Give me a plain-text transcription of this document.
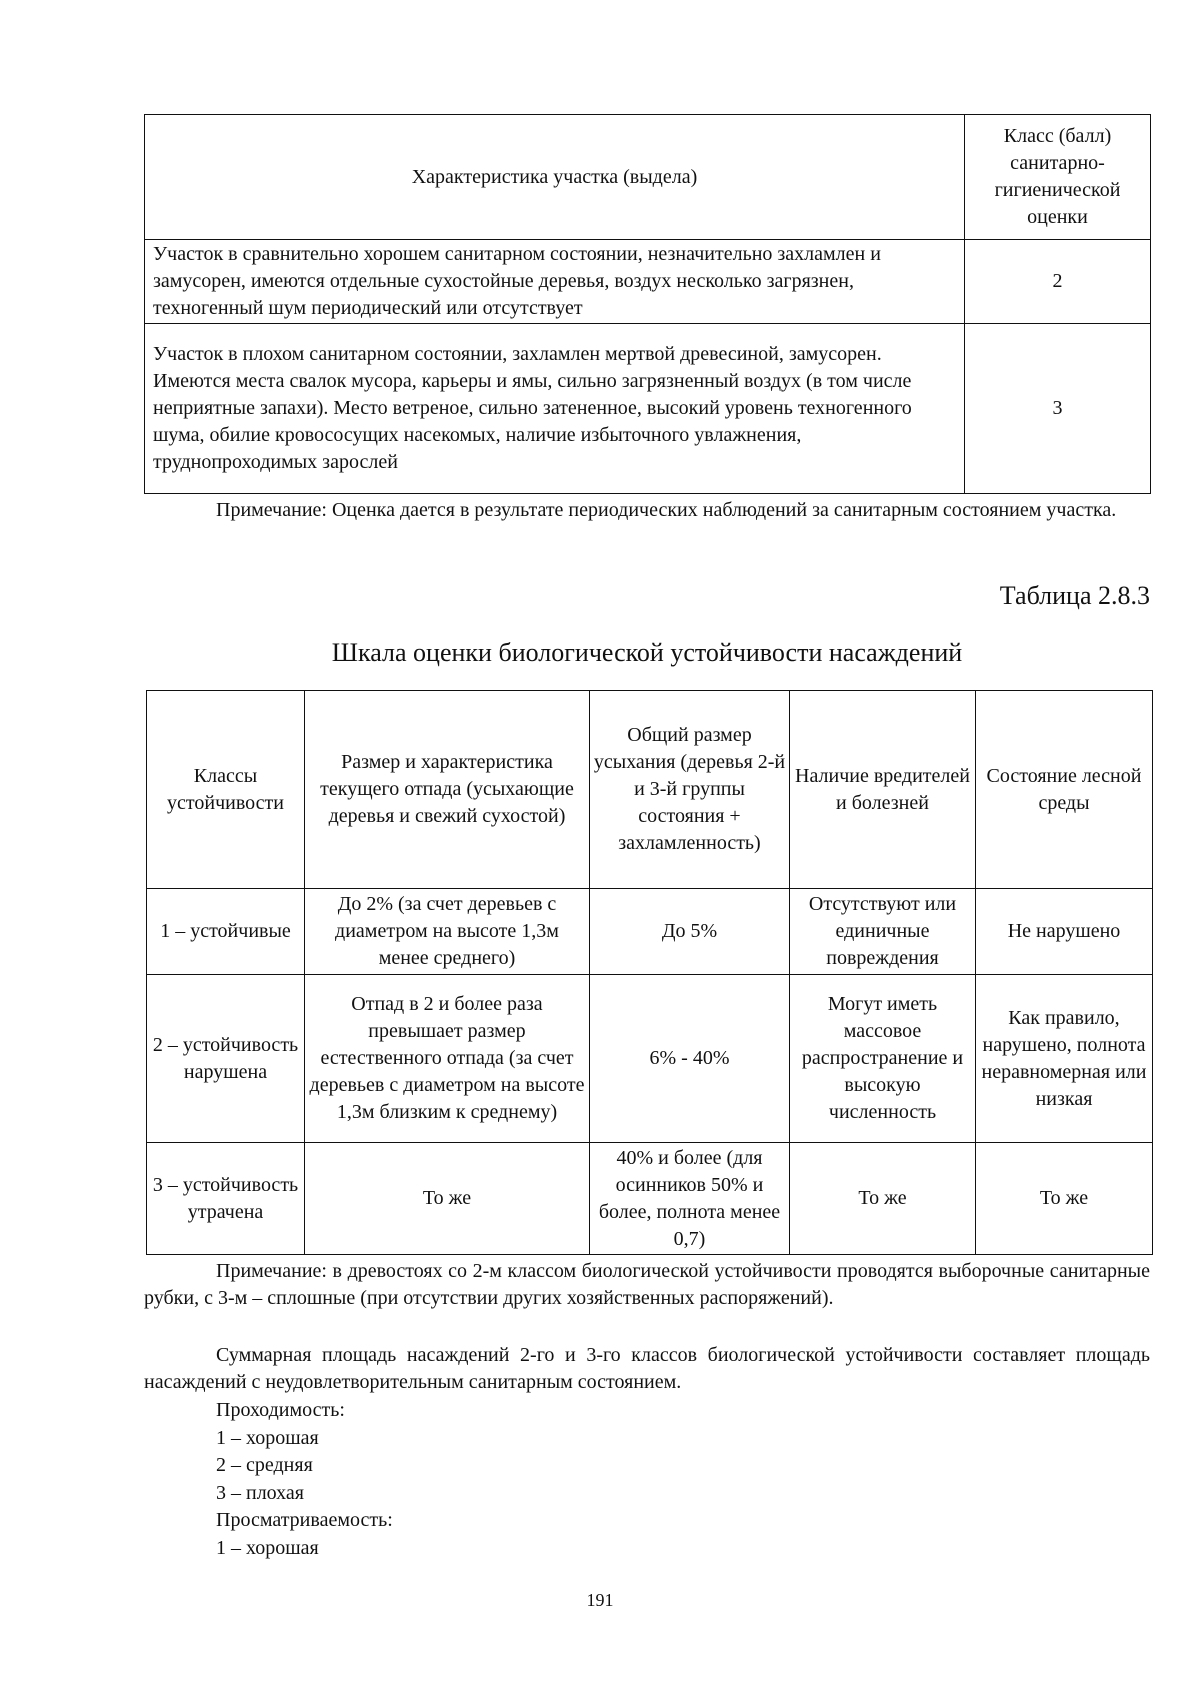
Характеристика участка (выдела)	Класс (балл) санитарно-гигиенической оценки
Участок в сравнительно хорошем санитарном состоянии, незначительно захламлен и замусорен, имеются отдельные сухостойные деревья, воздух несколько загрязнен, техногенный шум периодический или отсутствует	2
Участок в плохом санитарном состоянии, захламлен мертвой древесиной, замусорен. Имеются места свалок мусора, карьеры и ямы, сильно загрязненный воздух (в том числе неприятные запахи). Место ветреное, сильно затененное, высокий уровень техногенного шума, обилие кровососущих насекомых, наличие избыточного увлажнения, труднопроходимых зарослей	3
Примечание: Оценка дается в результате периодических наблюдений за санитарным состоянием участка.
Таблица 2.8.3
Шкала оценки биологической устойчивости насаждений
Классы устойчивости	Размер и характеристика текущего отпада (усыхающие деревья и свежий сухостой)	Общий размер усыхания (деревья 2-й и 3-й группы состояния + захламленность)	Наличие вредителей и болезней	Состояние лесной среды
1 – устойчивые	До 2% (за счет деревьев с диаметром на высоте 1,3м менее среднего)	До 5%	Отсутствуют или единичные повреждения	Не нарушено
2 – устойчивость нарушена	Отпад в 2 и более раза превышает размер естественного отпада (за счет деревьев с диаметром на высоте 1,3м близким к среднему)	6% - 40%	Могут иметь массовое распространение и высокую численность	Как правило, нарушено, полнота неравномерная или низкая
3 – устойчивость утрачена	То же	40% и более (для осинников 50% и более, полнота менее 0,7)	То же	То же
Примечание: в древостоях со 2-м классом биологической устойчивости проводятся выборочные санитарные рубки, с 3-м – сплошные (при отсутствии других хозяйственных распоряжений).
Суммарная площадь насаждений 2-го и 3-го классов биологической устойчивости составляет площадь насаждений с неудовлетворительным санитарным состоянием.

Проходимость:

1 – хорошая

2 – средняя

3 – плохая

Просматриваемость:

1 – хорошая

191
